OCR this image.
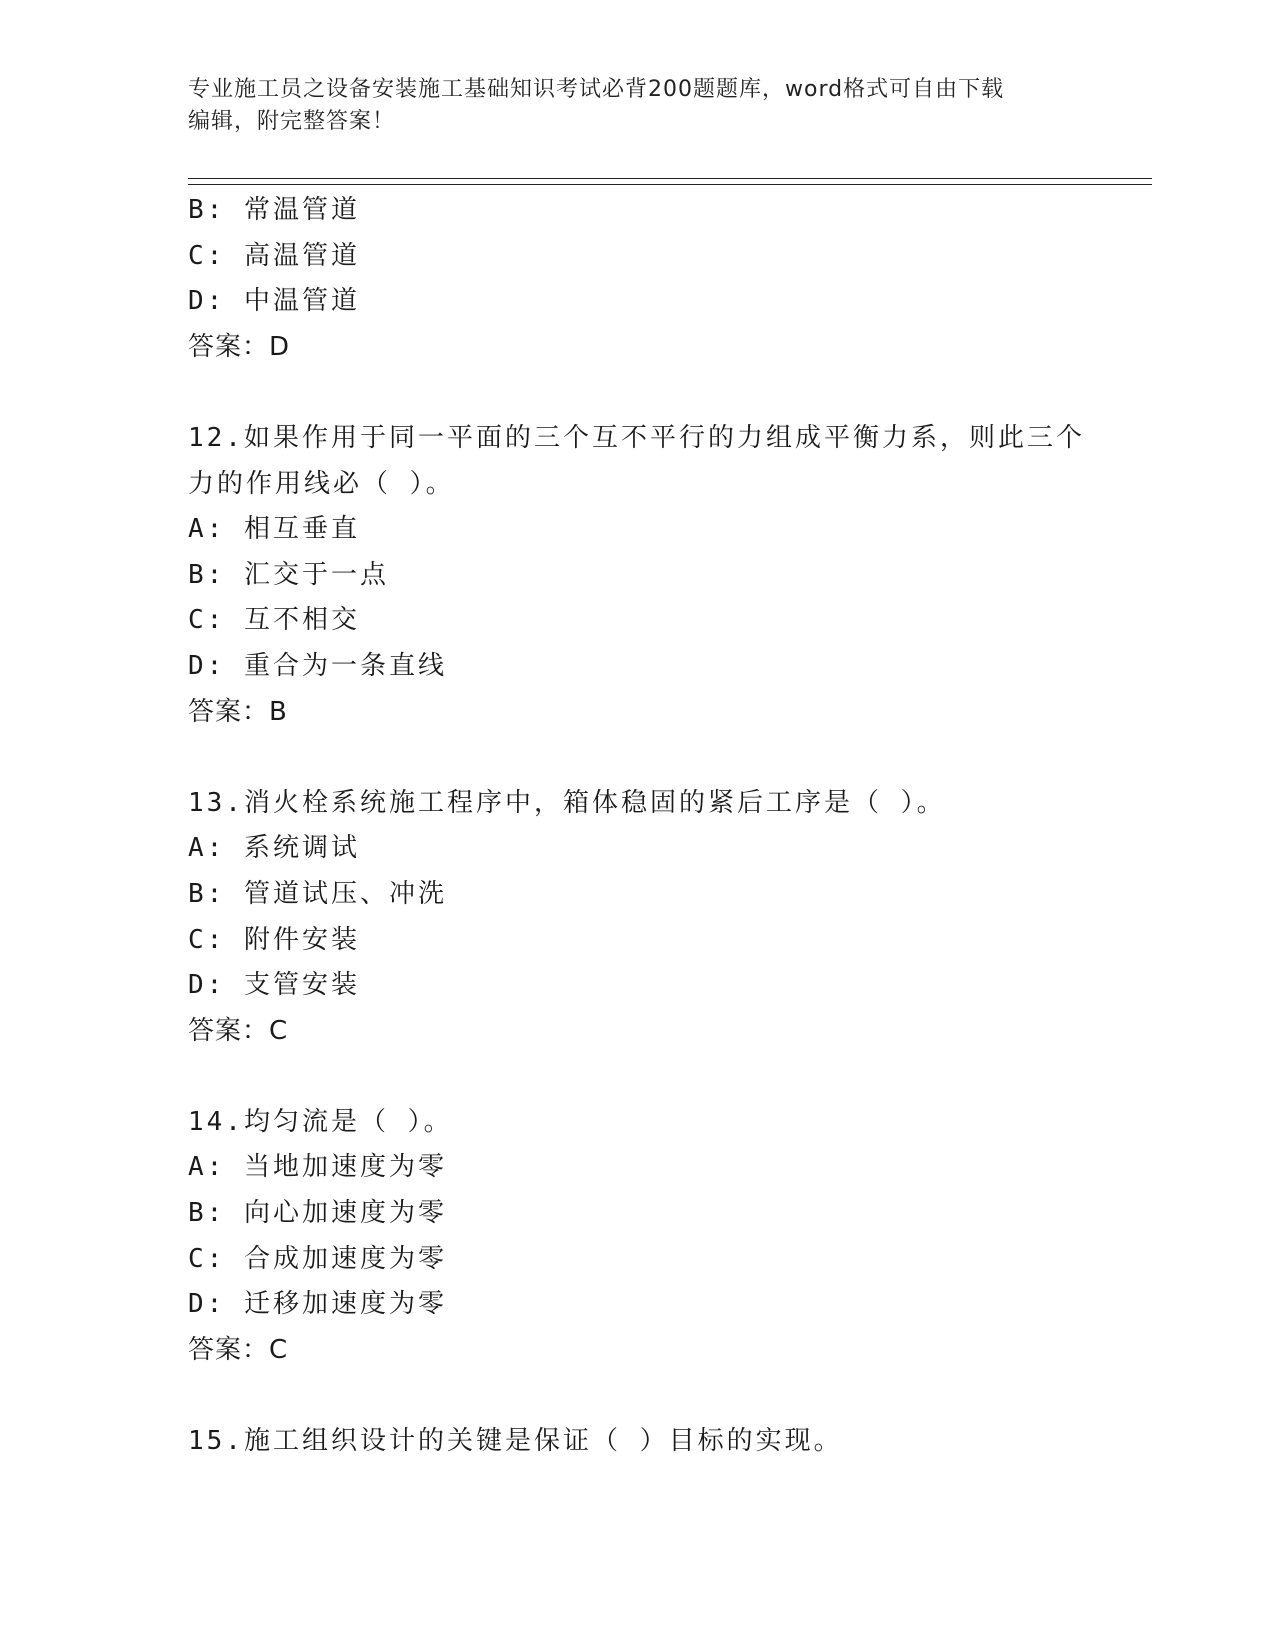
专业施工员之设备安装施工基础知识考试必背200题题库，word格式可自由下载
编辑，附完整答案！
B: 常温管道
C: 高温管道
D: 中温管道
答案：D
12.如果作用于同一平面的三个互不平行的力组成平衡力系，则此三个
力的作用线必（ ）。
A: 相互垂直
B: 汇交于一点
C: 互不相交
D: 重合为一条直线
答案：B
13.消火栓系统施工程序中，箱体稳固的紧后工序是（ ）。
A: 系统调试
B: 管道试压、冲洗
C: 附件安装
D: 支管安装
答案：C
14.均匀流是（ ）。
A: 当地加速度为零
B: 向心加速度为零
C: 合成加速度为零
D: 迁移加速度为零
答案：C
15.施工组织设计的关键是保证（ ）目标的实现。
